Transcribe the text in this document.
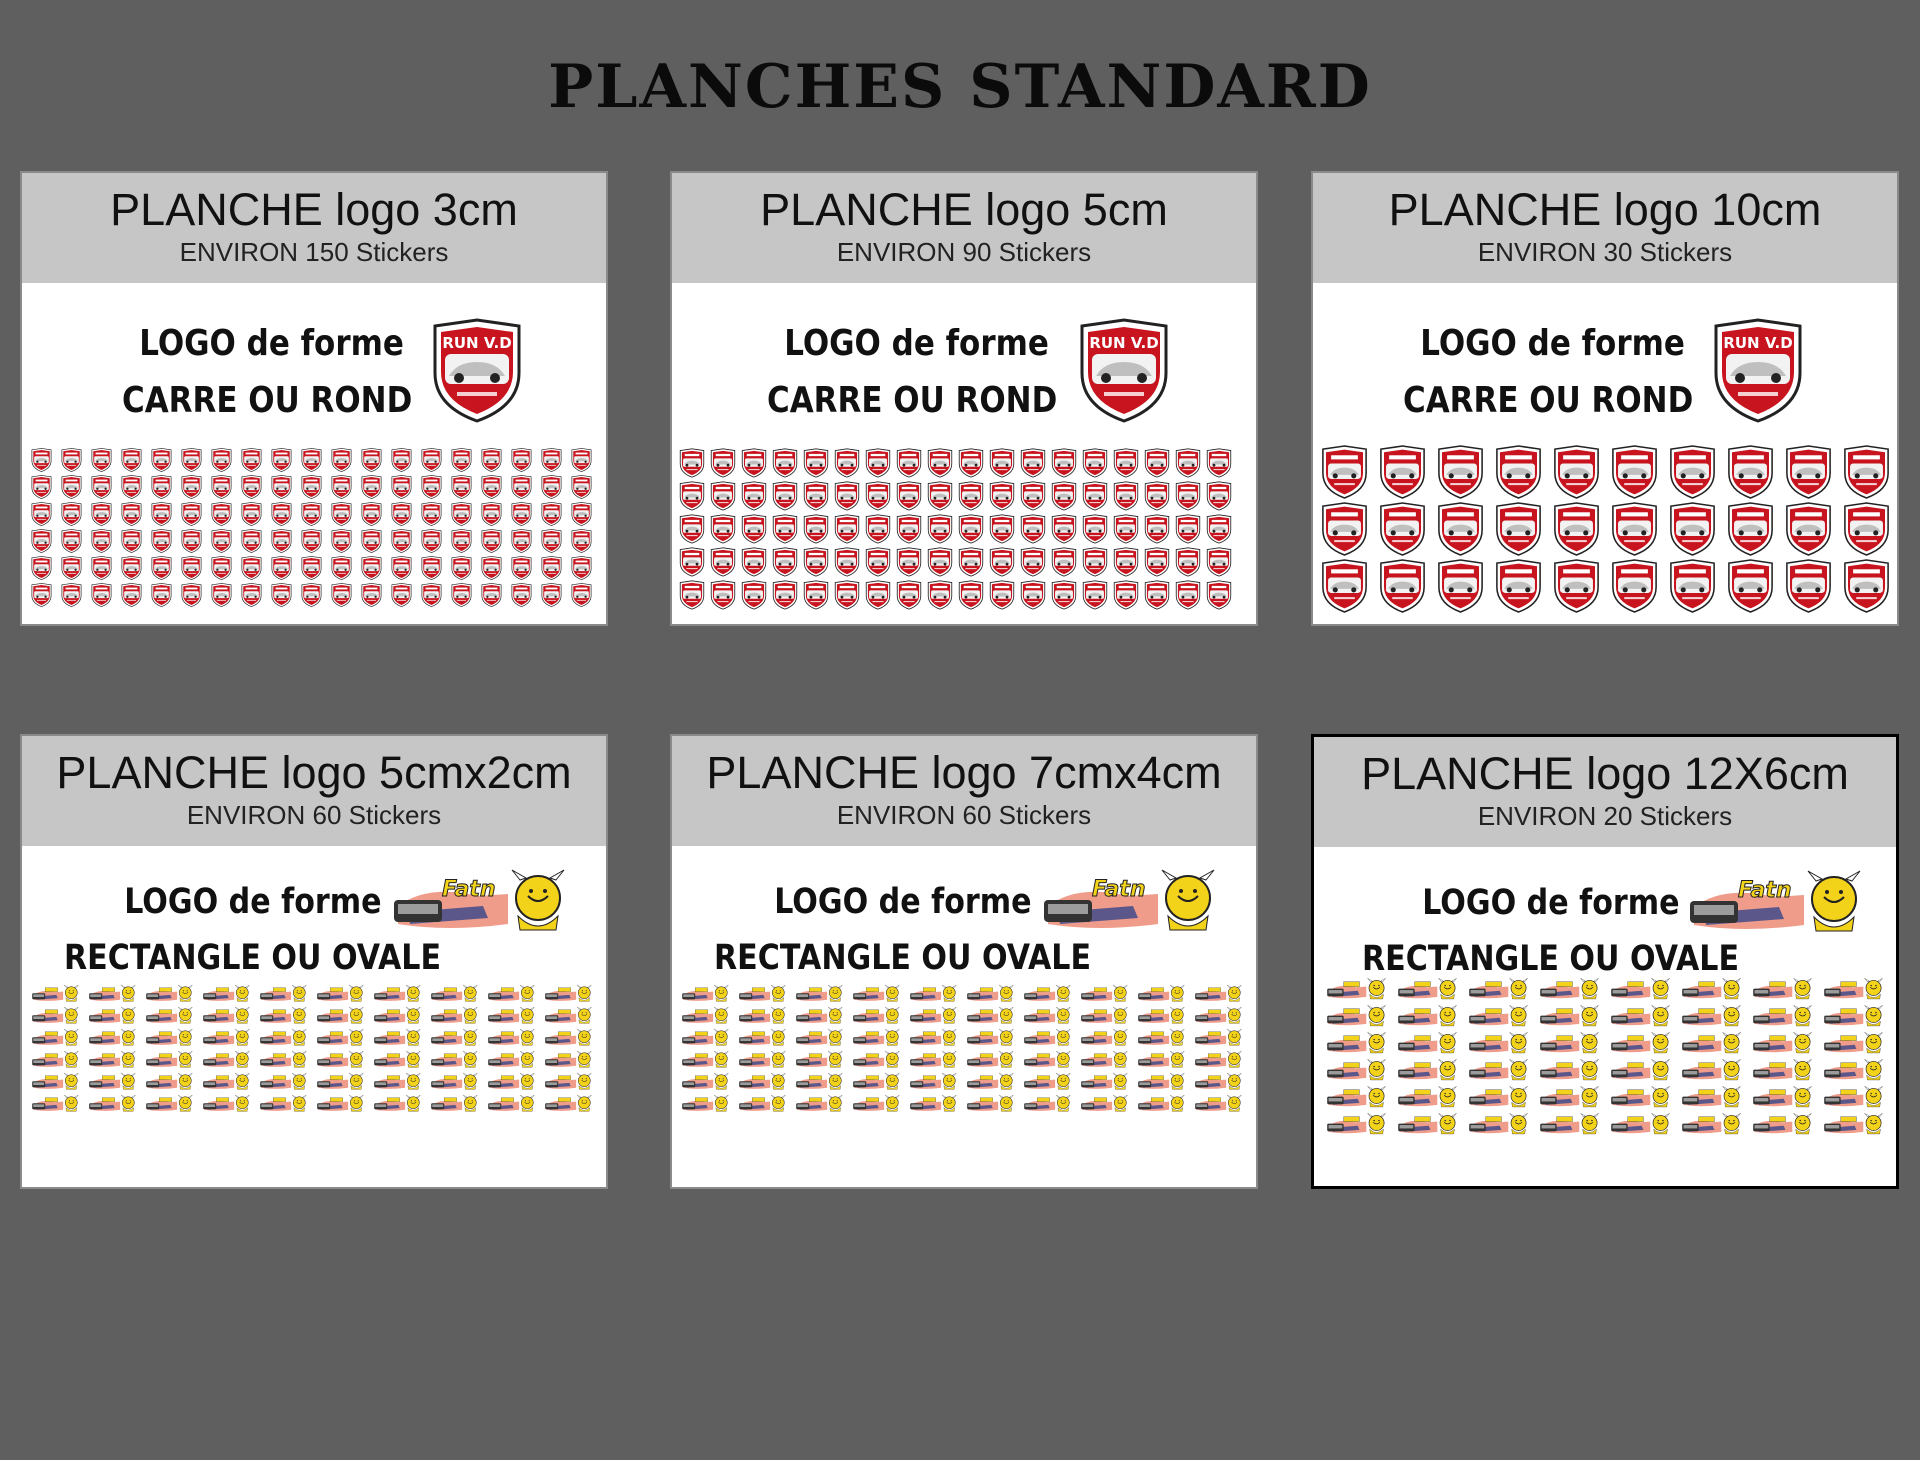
PLANCHES STANDARD
PLANCHE logo 3cm
ENVIRON 150 Stickers
LOGO de forme
CARRE OU ROND
RUN V.D
PLANCHE logo 5cm
ENVIRON 90 Stickers
LOGO de forme
CARRE OU ROND
RUN V.D
PLANCHE logo 10cm
ENVIRON 30 Stickers
LOGO de forme
CARRE OU ROND
RUN V.D
PLANCHE logo 5cmx2cm
ENVIRON 60 Stickers
LOGO de forme
RECTANGLE OU OVALE
Fatn
PLANCHE logo 7cmx4cm
ENVIRON 60 Stickers
LOGO de forme
RECTANGLE OU OVALE
Fatn
PLANCHE logo 12X6cm
ENVIRON 20 Stickers
LOGO de forme
RECTANGLE OU OVALE
Fatn
